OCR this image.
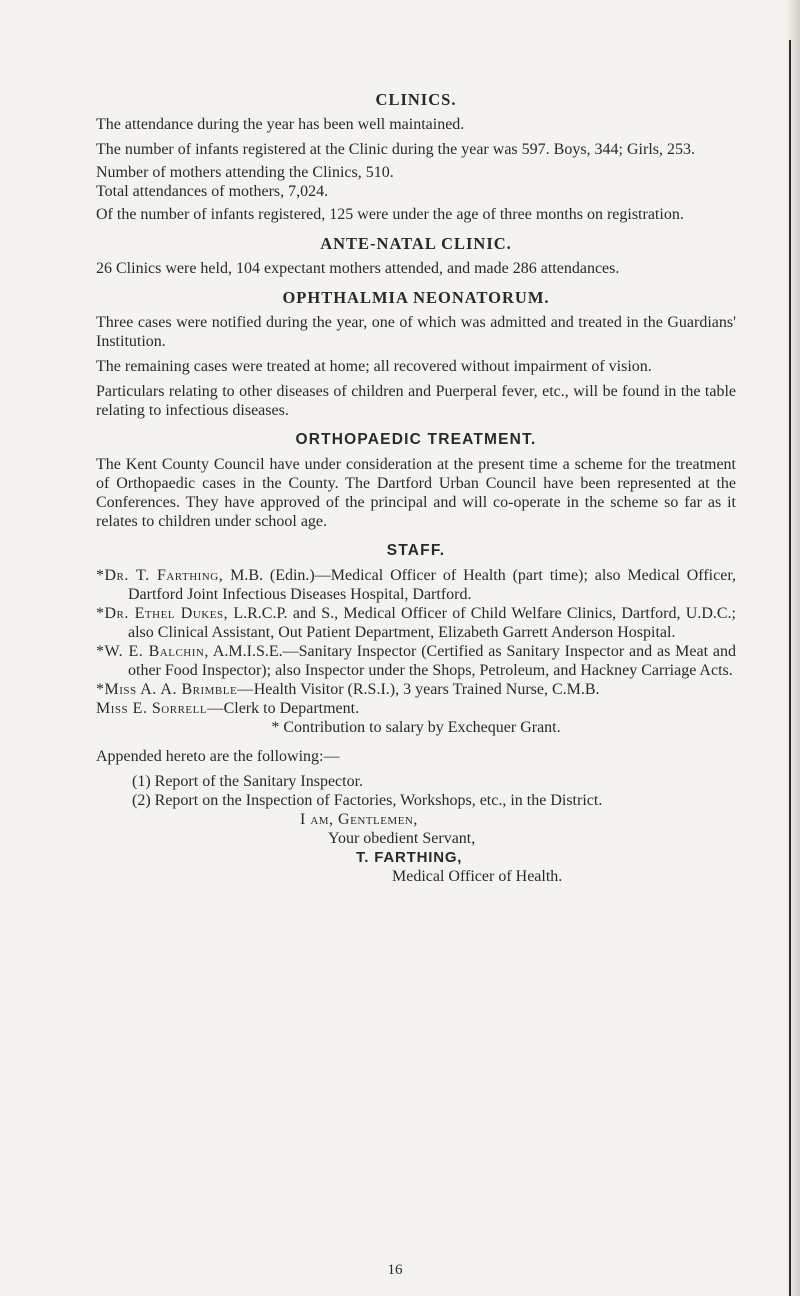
CLINICS.

The attendance during the year has been well maintained.

The number of infants registered at the Clinic during the year was 597. Boys, 344; Girls, 253.

Number of mothers attending the Clinics, 510.

Total attendances of mothers, 7,024.

Of the number of infants registered, 125 were under the age of three months on registration.

ANTE-NATAL CLINIC.

26 Clinics were held, 104 expectant mothers attended, and made 286 attendances.

OPHTHALMIA NEONATORUM.

Three cases were notified during the year, one of which was admitted and treated in the Guardians' Institution.

The remaining cases were treated at home; all recovered without impairment of vision.

Particulars relating to other diseases of children and Puerperal fever, etc., will be found in the table relating to infectious diseases.

ORTHOPAEDIC TREATMENT.

The Kent County Council have under consideration at the present time a scheme for the treatment of Orthopaedic cases in the County. The Dartford Urban Council have been represented at the Conferences. They have approved of the principal and will co-operate in the scheme so far as it relates to children under school age.

STAFF.

*Dr. T. Farthing, M.B. (Edin.)—Medical Officer of Health (part time); also Medical Officer, Dartford Joint Infectious Diseases Hospital, Dartford.

*Dr. Ethel Dukes, L.R.C.P. and S., Medical Officer of Child Welfare Clinics, Dartford, U.D.C.; also Clinical Assistant, Out Patient Department, Elizabeth Garrett Anderson Hospital.

*W. E. Balchin, A.M.I.S.E.—Sanitary Inspector (Certified as Sanitary Inspector and as Meat and other Food Inspector); also Inspector under the Shops, Petroleum, and Hackney Carriage Acts.

*Miss A. A. Brimble—Health Visitor (R.S.I.), 3 years Trained Nurse, C.M.B.

Miss E. Sorrell—Clerk to Department.

* Contribution to salary by Exchequer Grant.

Appended hereto are the following:—

(1) Report of the Sanitary Inspector.

(2) Report on the Inspection of Factories, Workshops, etc., in the District.

I am, Gentlemen,

Your obedient Servant,

T. FARTHING,

Medical Officer of Health.

16
